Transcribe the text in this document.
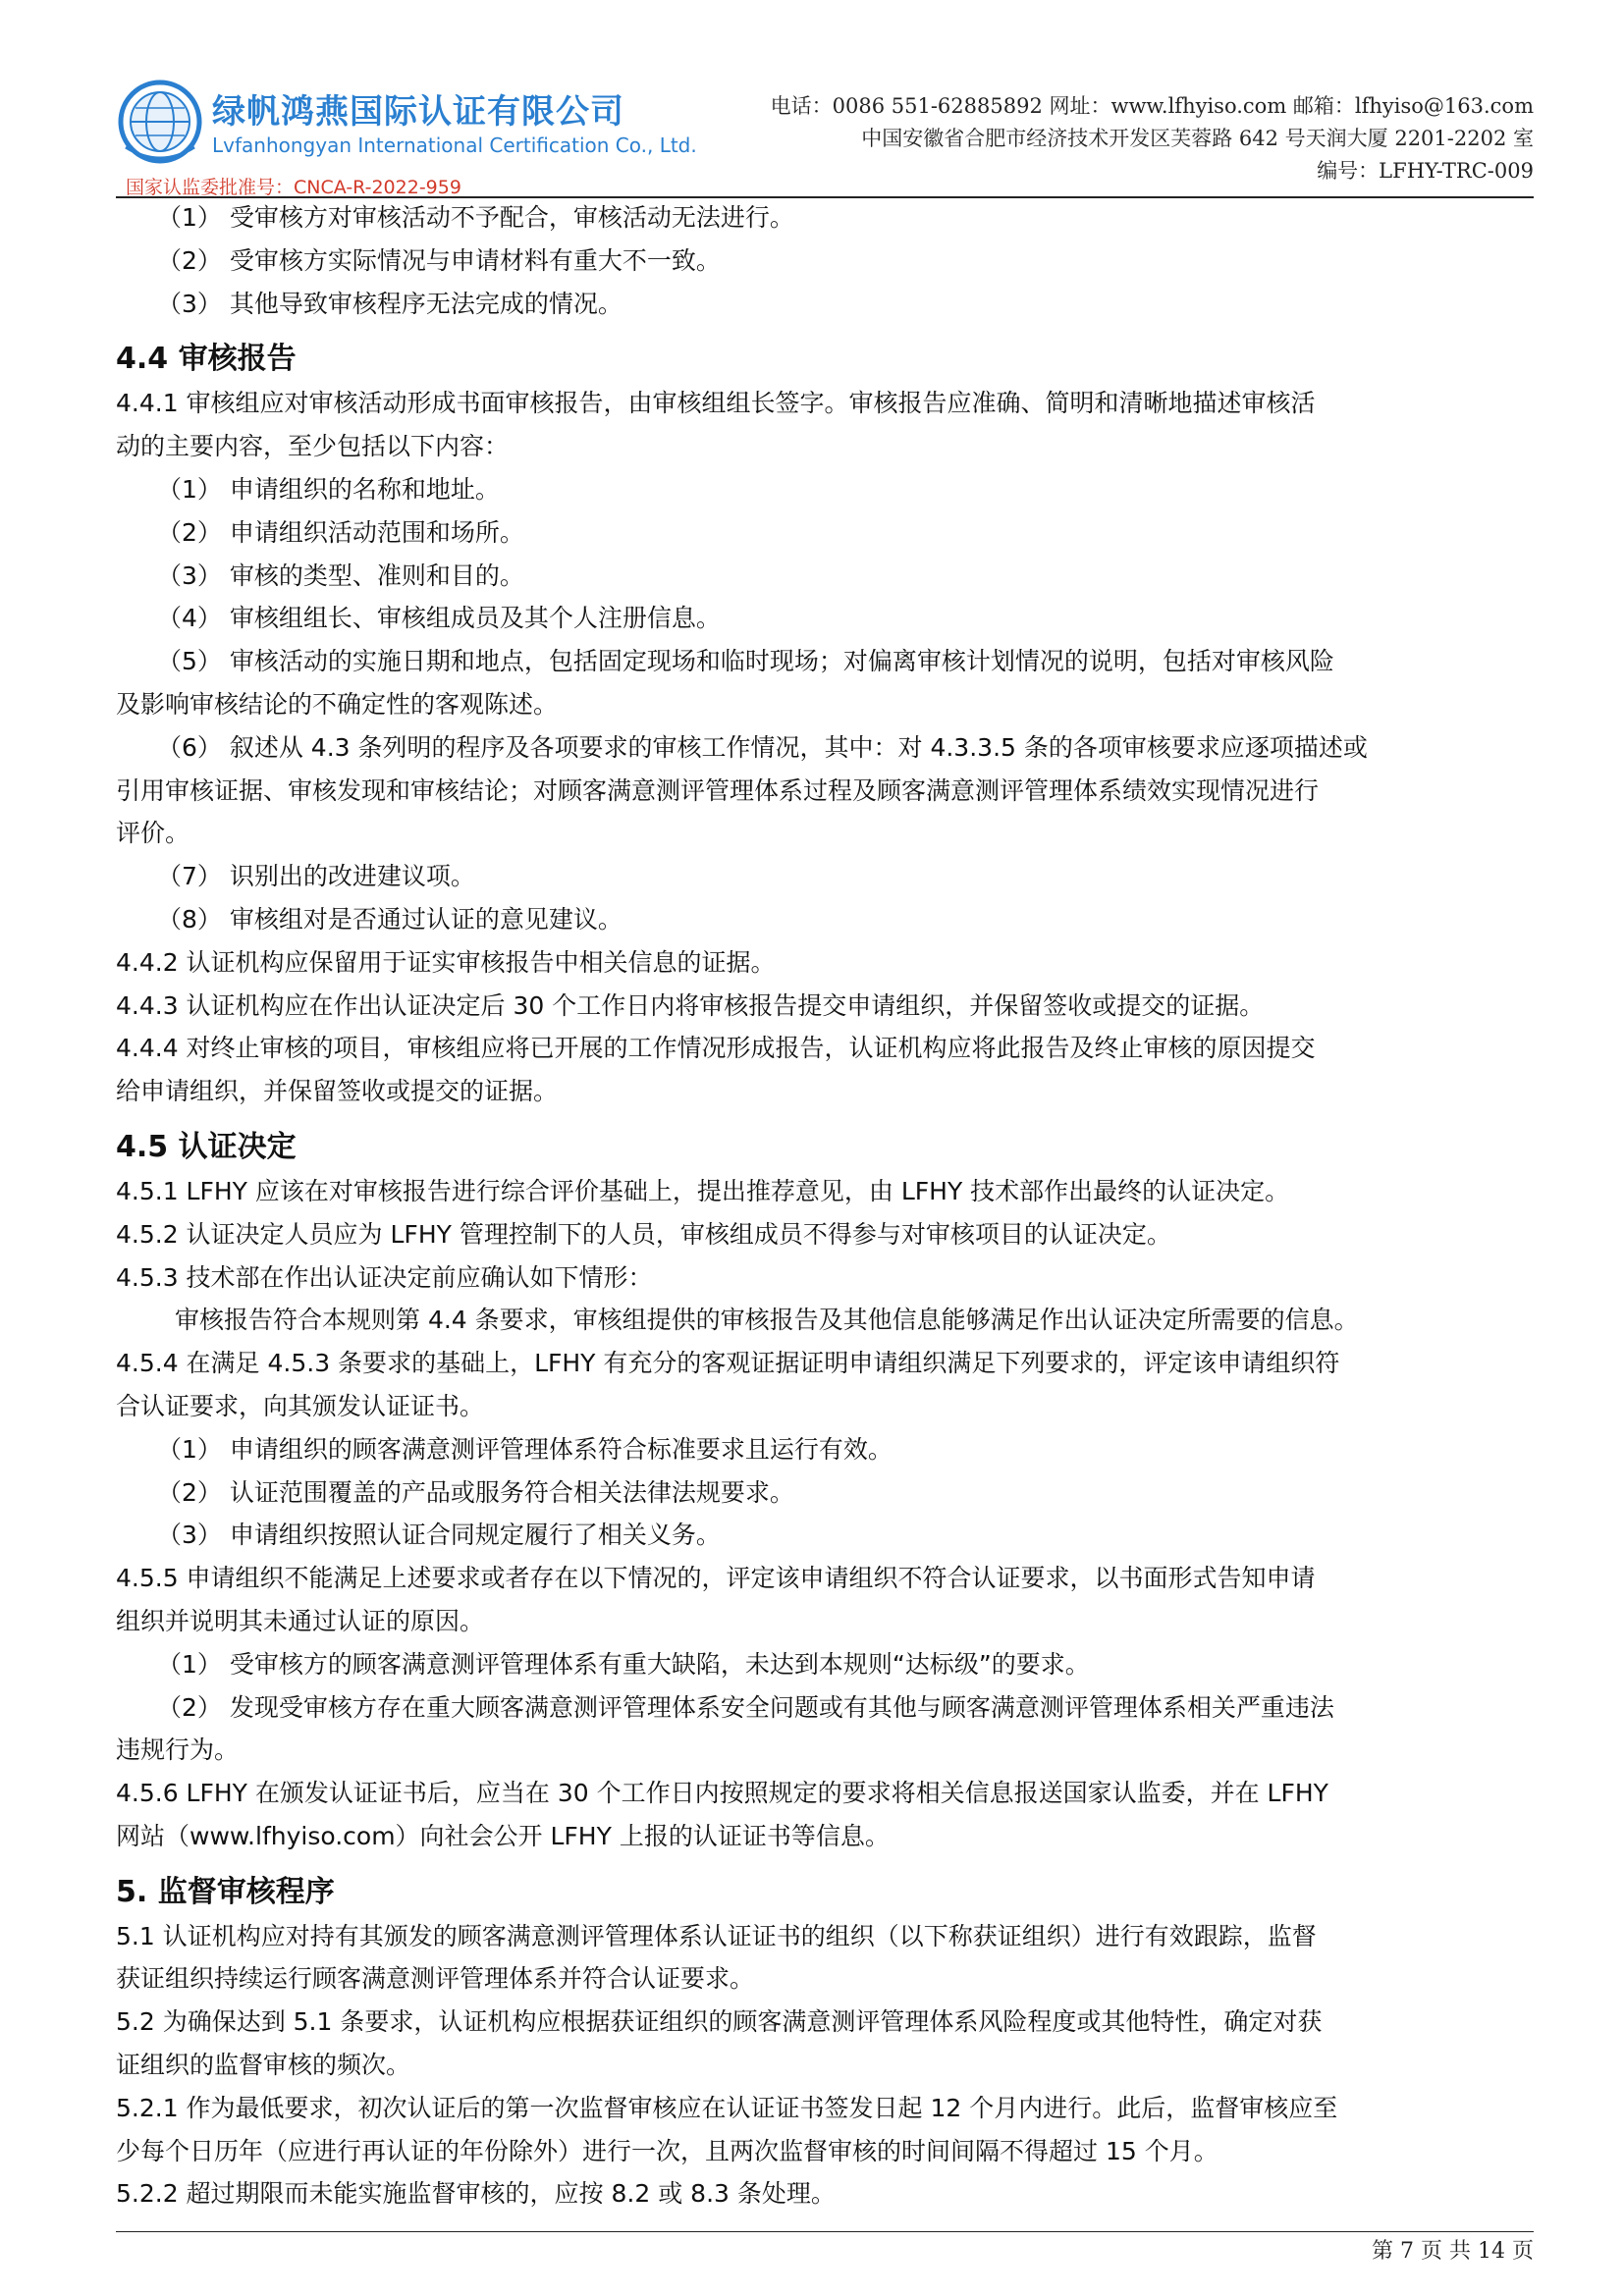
绿帆鸿燕国际认证有限公司
Lvfanhongyan International Certification Co., Ltd.
国家认监委批准号：CNCA-R-2022-959
电话：0086 551-62885892 网址：www.lfhyiso.com 邮箱：lfhyiso@163.com
中国安徽省合肥市经济技术开发区芙蓉路 642 号天润大厦 2201-2202 室
编号：LFHY-TRC-009

（1） 受审核方对审核活动不予配合，审核活动无法进行。

（2） 受审核方实际情况与申请材料有重大不一致。

（3） 其他导致审核程序无法完成的情况。

4.4 审核报告

4.4.1 审核组应对审核活动形成书面审核报告，由审核组组长签字。审核报告应准确、简明和清晰地描述审核活

动的主要内容，至少包括以下内容：

（1） 申请组织的名称和地址。

（2） 申请组织活动范围和场所。

（3） 审核的类型、准则和目的。

（4） 审核组组长、审核组成员及其个人注册信息。

（5） 审核活动的实施日期和地点，包括固定现场和临时现场；对偏离审核计划情况的说明，包括对审核风险

及影响审核结论的不确定性的客观陈述。

（6） 叙述从 4.3 条列明的程序及各项要求的审核工作情况，其中：对 4.3.3.5 条的各项审核要求应逐项描述或

引用审核证据、审核发现和审核结论；对顾客满意测评管理体系过程及顾客满意测评管理体系绩效实现情况进行

评价。

（7） 识别出的改进建议项。

（8） 审核组对是否通过认证的意见建议。

4.4.2 认证机构应保留用于证实审核报告中相关信息的证据。

4.4.3 认证机构应在作出认证决定后 30 个工作日内将审核报告提交申请组织，并保留签收或提交的证据。

4.4.4 对终止审核的项目，审核组应将已开展的工作情况形成报告，认证机构应将此报告及终止审核的原因提交

给申请组织，并保留签收或提交的证据。

4.5 认证决定

4.5.1 LFHY 应该在对审核报告进行综合评价基础上，提出推荐意见，由 LFHY 技术部作出最终的认证决定。

4.5.2 认证决定人员应为 LFHY 管理控制下的人员，审核组成员不得参与对审核项目的认证决定。

4.5.3 技术部在作出认证决定前应确认如下情形：

审核报告符合本规则第 4.4 条要求，审核组提供的审核报告及其他信息能够满足作出认证决定所需要的信息。

4.5.4 在满足 4.5.3 条要求的基础上，LFHY 有充分的客观证据证明申请组织满足下列要求的，评定该申请组织符

合认证要求，向其颁发认证证书。

（1） 申请组织的顾客满意测评管理体系符合标准要求且运行有效。

（2） 认证范围覆盖的产品或服务符合相关法律法规要求。

（3） 申请组织按照认证合同规定履行了相关义务。

4.5.5 申请组织不能满足上述要求或者存在以下情况的，评定该申请组织不符合认证要求，以书面形式告知申请

组织并说明其未通过认证的原因。

（1） 受审核方的顾客满意测评管理体系有重大缺陷，未达到本规则“达标级”的要求。

（2） 发现受审核方存在重大顾客满意测评管理体系安全问题或有其他与顾客满意测评管理体系相关严重违法

违规行为。

4.5.6 LFHY 在颁发认证证书后，应当在 30 个工作日内按照规定的要求将相关信息报送国家认监委，并在 LFHY

网站（www.lfhyiso.com）向社会公开 LFHY 上报的认证证书等信息。

5. 监督审核程序

5.1 认证机构应对持有其颁发的顾客满意测评管理体系认证证书的组织（以下称获证组织）进行有效跟踪，监督

获证组织持续运行顾客满意测评管理体系并符合认证要求。

5.2 为确保达到 5.1 条要求，认证机构应根据获证组织的顾客满意测评管理体系风险程度或其他特性，确定对获

证组织的监督审核的频次。

5.2.1 作为最低要求，初次认证后的第一次监督审核应在认证证书签发日起 12 个月内进行。此后，监督审核应至

少每个日历年（应进行再认证的年份除外）进行一次，且两次监督审核的时间间隔不得超过 15 个月。

5.2.2 超过期限而未能实施监督审核的，应按 8.2 或 8.3 条处理。

第 7 页 共 14 页
